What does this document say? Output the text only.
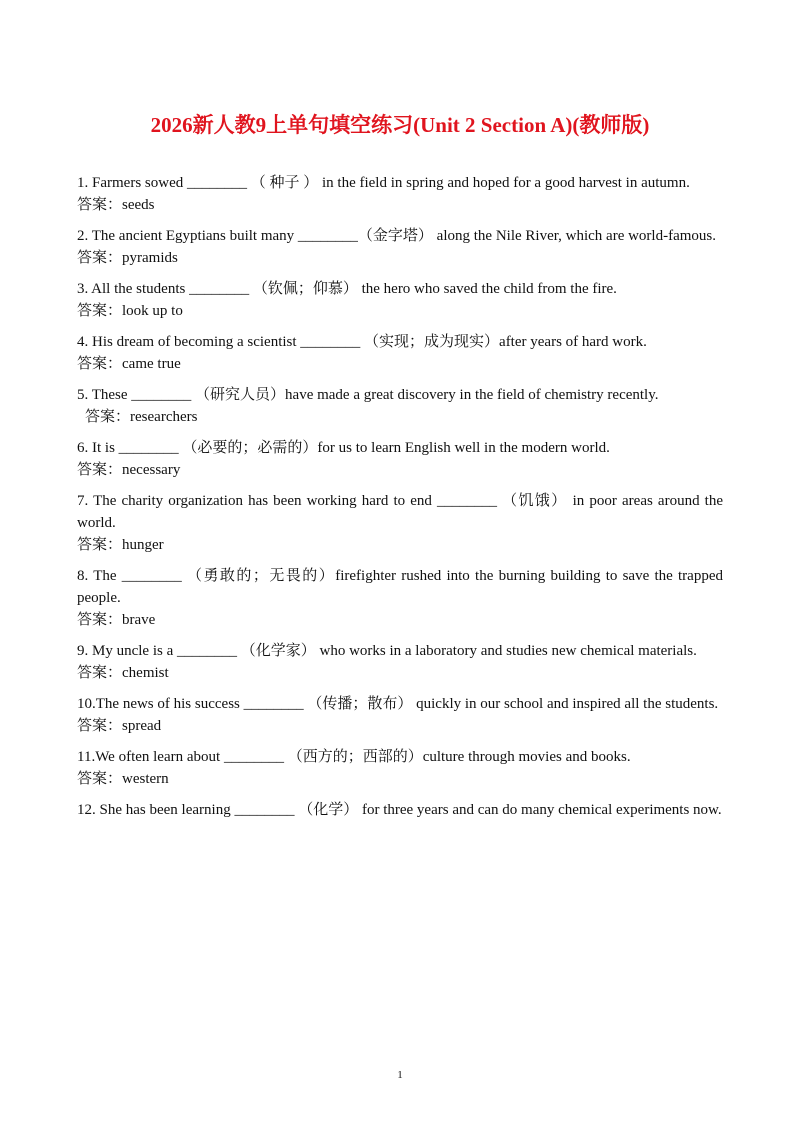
2026新人教9上单句填空练习(Unit 2 Section A)(教师版)
1. Farmers sowed ________ （ 种子 ） in the field in spring and hoped for a good harvest in autumn.
答案：seeds
2. The ancient Egyptians built many ________（金字塔） along the Nile River, which are world-famous.
答案：pyramids
3. All the students ________ （钦佩；仰慕） the hero who saved the child from the fire.
答案：look up to
4. His dream of becoming a scientist ________ （实现；成为现实）after years of hard work.
答案：came true
5. These ________ （研究人员）have made a great discovery in the field of chemistry recently.
答案：researchers
6. It is ________ （必要的；必需的）for us to learn English well in the modern world.
答案：necessary
7. The charity organization has been working hard to end ________ （饥饿） in poor areas around the world.
答案：hunger
8. The ________ （勇敢的；无畏的）firefighter rushed into the burning building to save the trapped people.
答案：brave
9. My uncle is a ________ （化学家） who works in a laboratory and studies new chemical materials.
答案：chemist
10.The news of his success ________ （传播；散布） quickly in our school and inspired all the students.
答案：spread
11.We often learn about ________ （西方的；西部的）culture through movies and books.
答案：western
12. She has been learning ________ （化学） for three years and can do many chemical experiments now.
1
